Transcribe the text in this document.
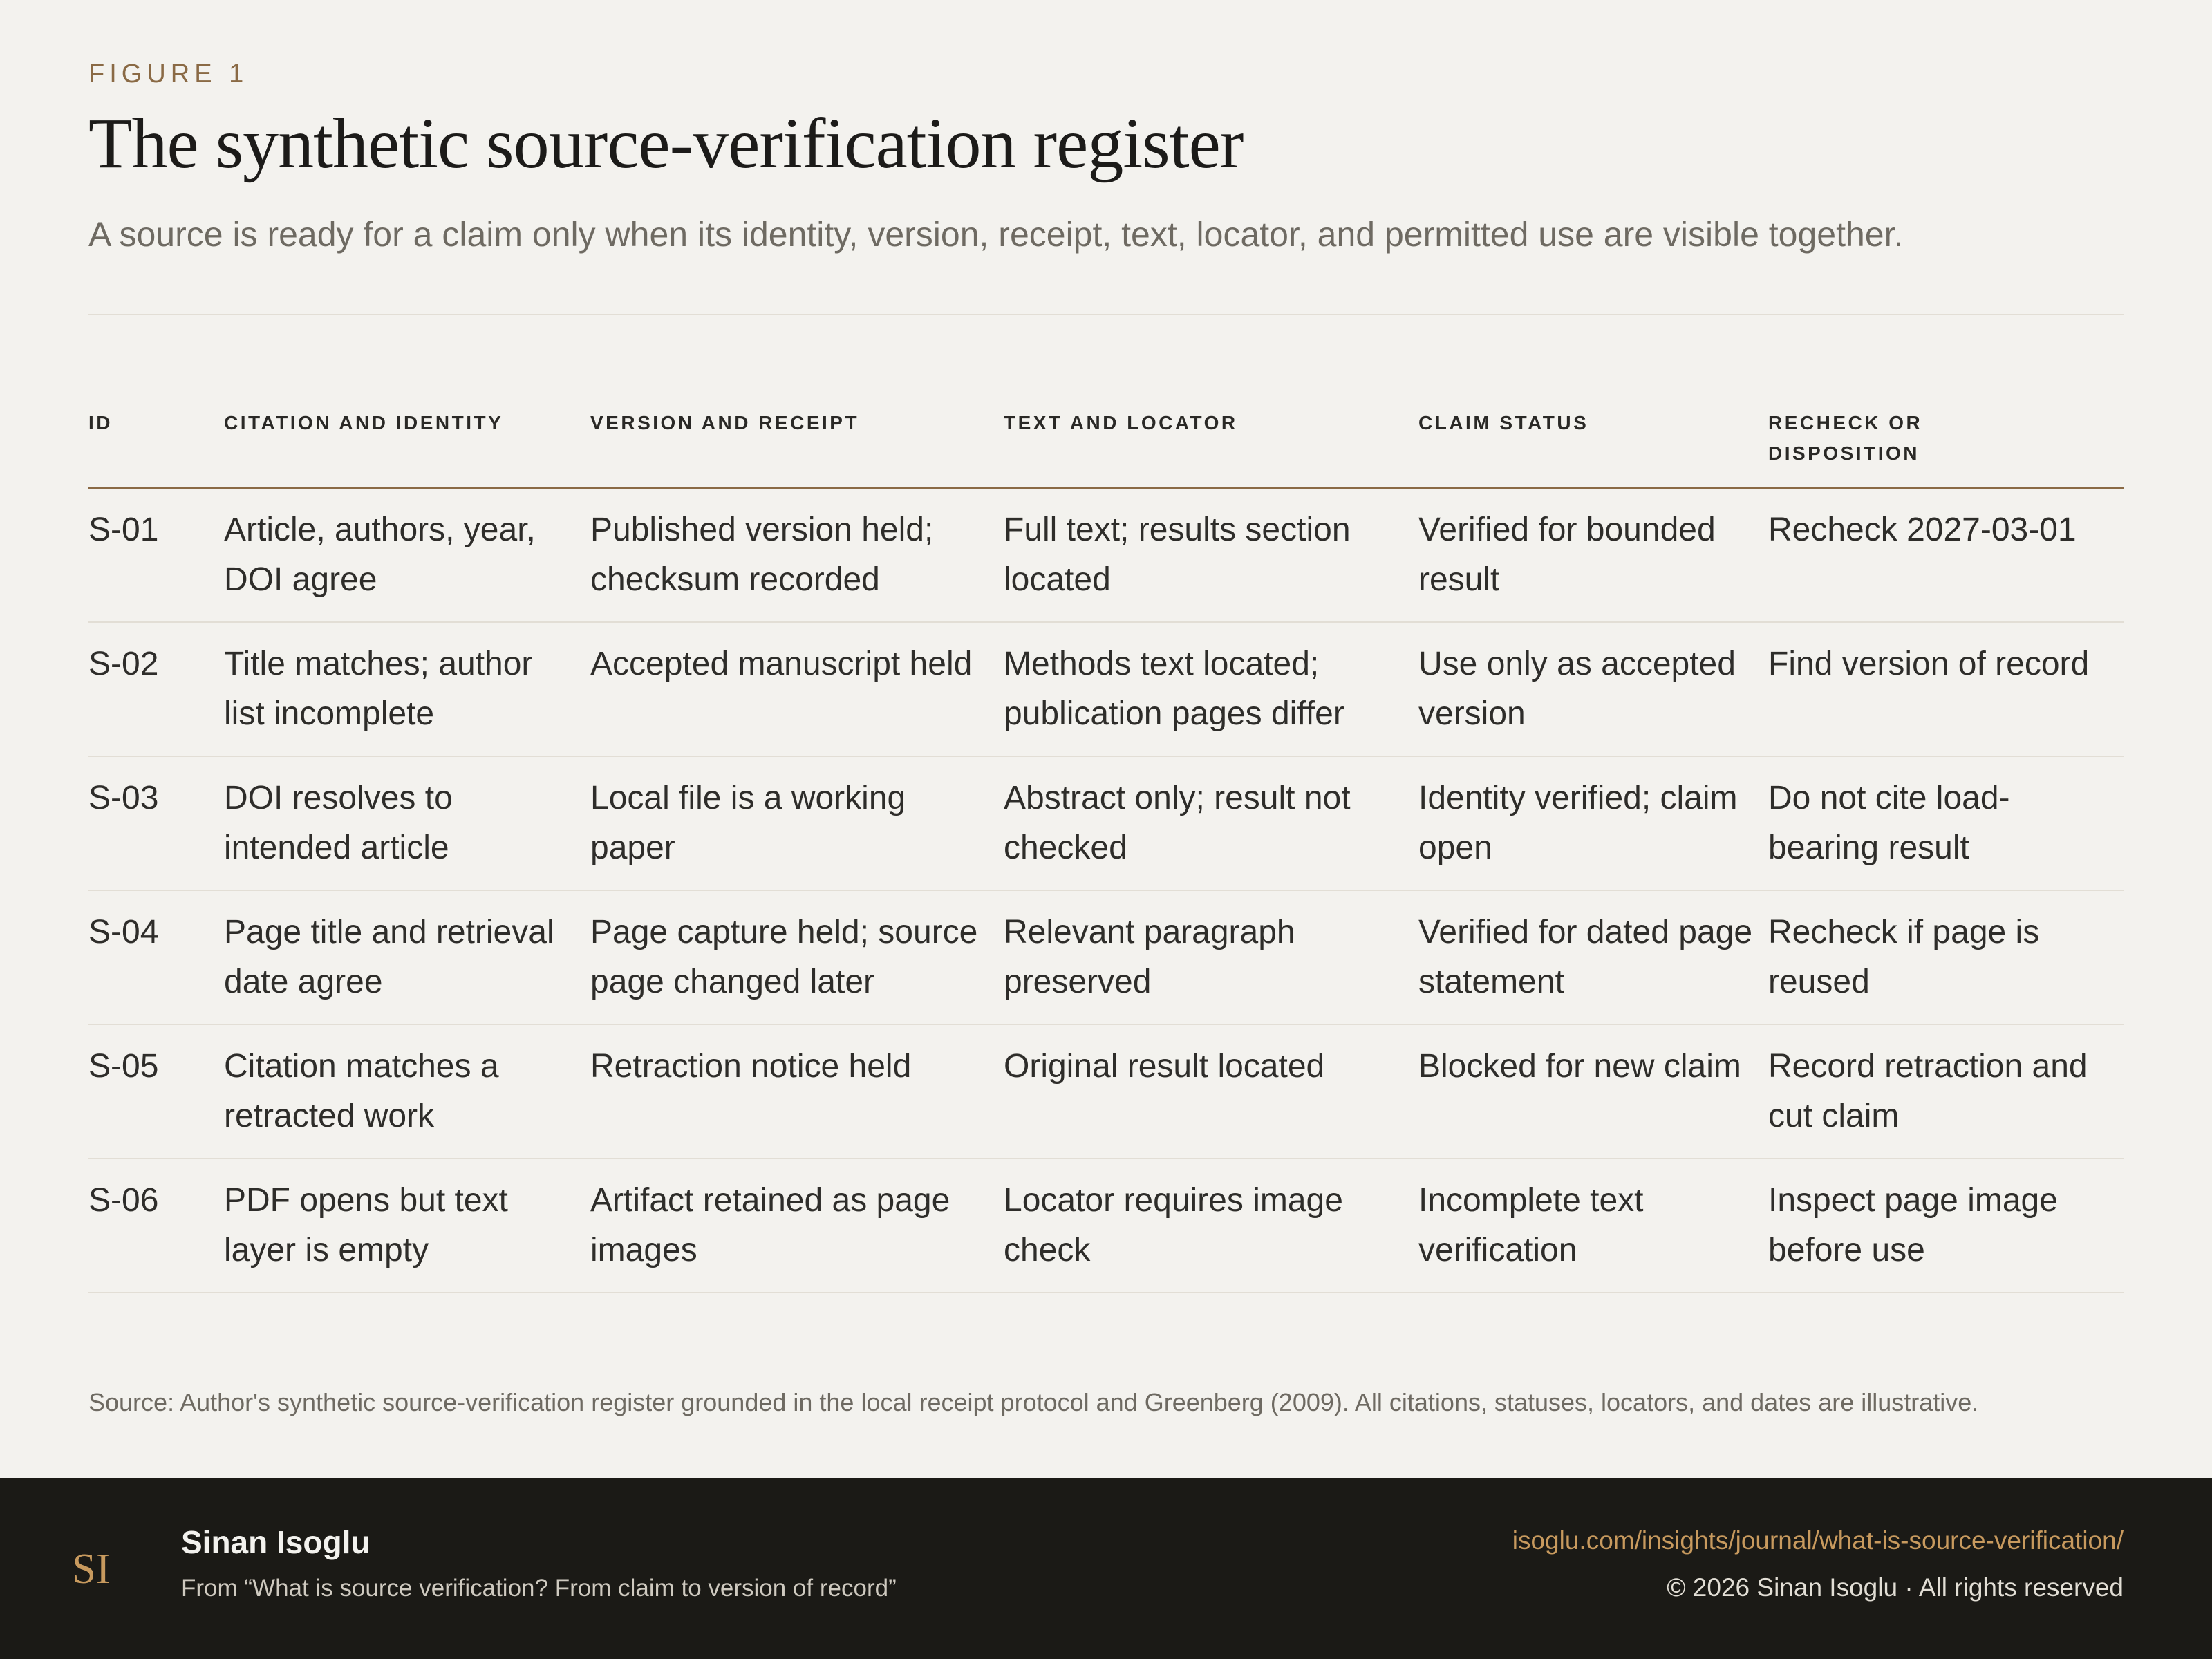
FIGURE 1
The synthetic source-verification register
A source is ready for a claim only when its identity, version, receipt, text, locator, and permitted use are visible together.
ID	CITATION AND IDENTITY	VERSION AND RECEIPT	TEXT AND LOCATOR	CLAIM STATUS	RECHECK OR DISPOSITION
S-01	Article, authors, year, DOI agree	Published version held; checksum recorded	Full text; results section located	Verified for bounded result	Recheck 2027-03-01
S-02	Title matches; author list incomplete	Accepted manuscript held	Methods text located; publication pages differ	Use only as accepted version	Find version of record
S-03	DOI resolves to intended article	Local file is a working paper	Abstract only; result not checked	Identity verified; claim open	Do not cite load-bearing result
S-04	Page title and retrieval date agree	Page capture held; source page changed later	Relevant paragraph preserved	Verified for dated page statement	Recheck if page is reused
S-05	Citation matches a retracted work	Retraction notice held	Original result located	Blocked for new claim	Record retraction and cut claim
S-06	PDF opens but text layer is empty	Artifact retained as page images	Locator requires image check	Incomplete text verification	Inspect page image before use
Source: Author's synthetic source-verification register grounded in the local receipt protocol and Greenberg (2009). All citations, statuses, locators, and dates are illustrative.
SI
Sinan Isoglu
From “What is source verification? From claim to version of record”
isoglu.com/insights/journal/what-is-source-verification/
© 2026 Sinan Isoglu · All rights reserved
